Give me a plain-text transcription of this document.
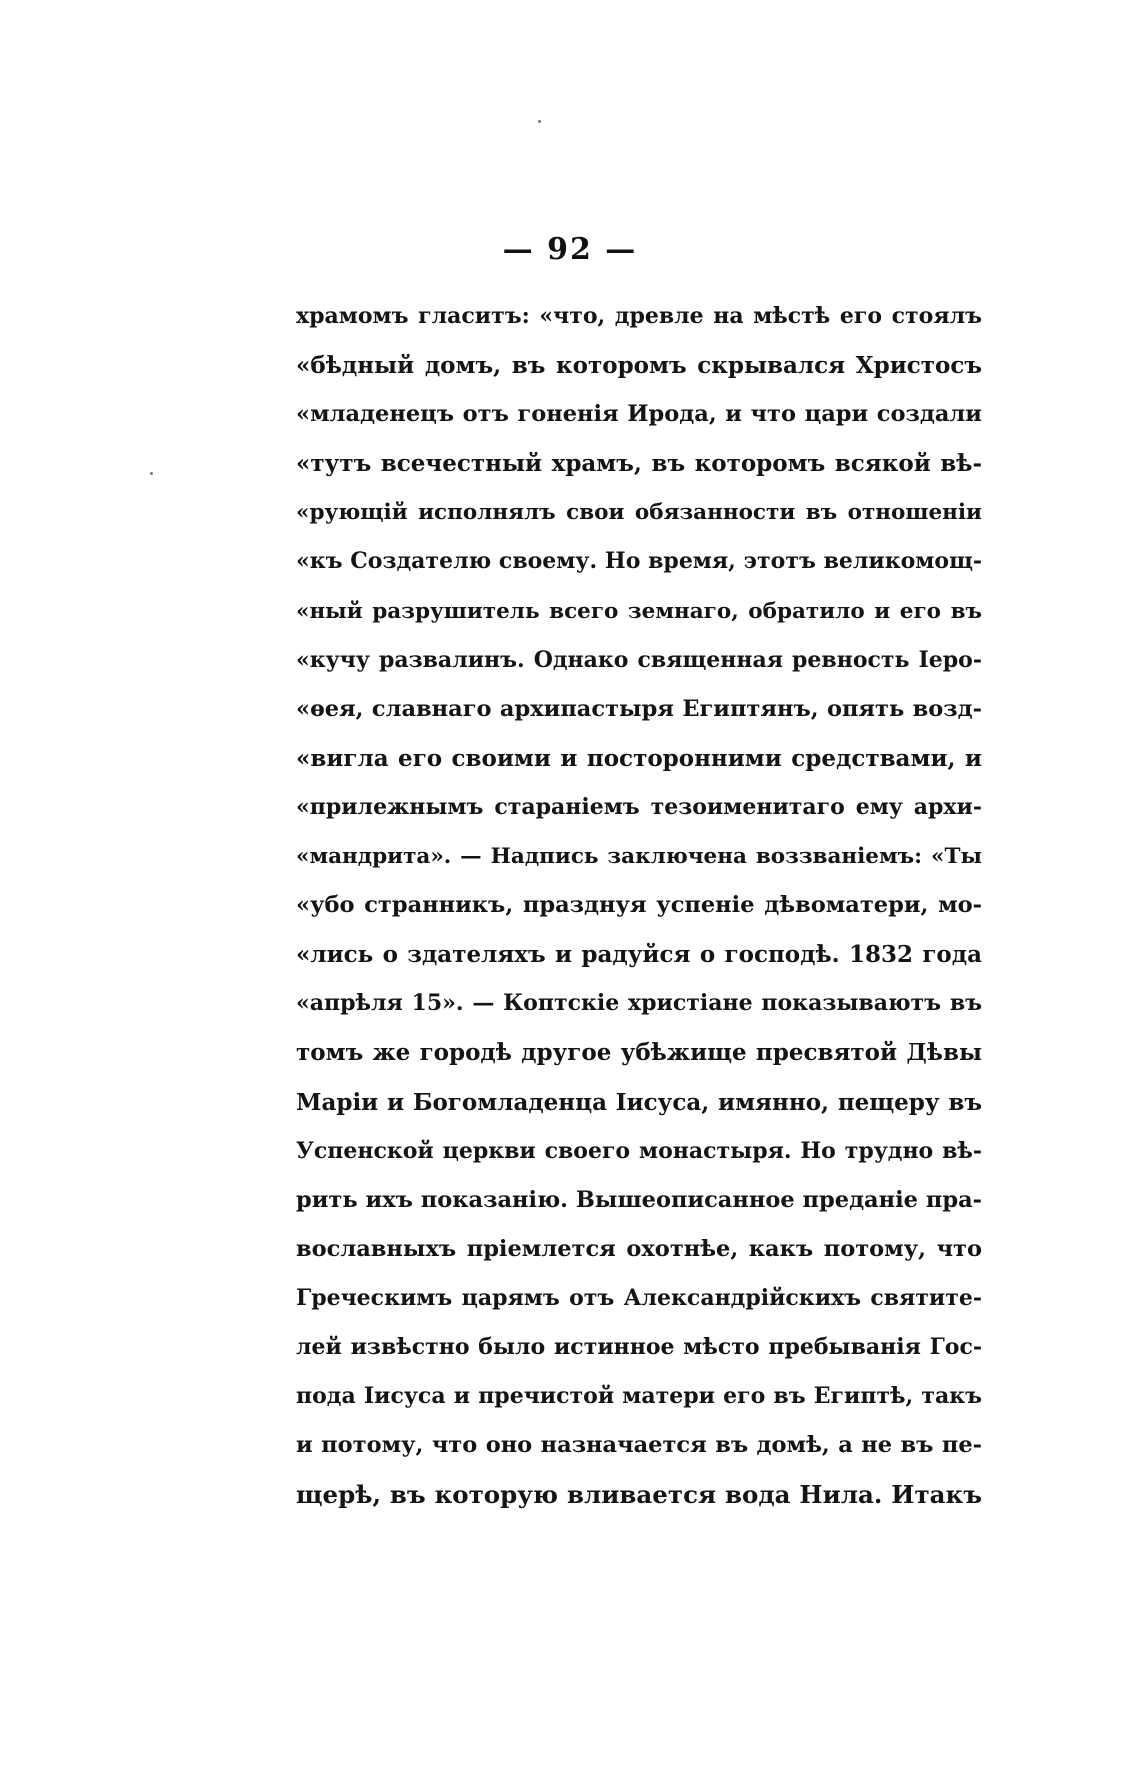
— 92 —
храмомъ гласитъ: «что, древле на мѣстѣ его стоялъ
«бѣдный домъ, въ которомъ скрывался Христосъ
«младенецъ отъ гоненія Ирода, и что цари создали
«тутъ всечестный храмъ, въ которомъ всякой вѣ-
«рующій исполнялъ свои обязанности въ отношеніи
«къ Создателю своему. Но время, этотъ великомощ-
«ный разрушитель всего земнаго, обратило и его въ
«кучу развалинъ. Однако священная ревность Іеро-
«ѳея, славнаго архипастыря Египтянъ, опять возд-
«вигла его своими и посторонними средствами, и
«прилежнымъ стараніемъ тезоименитаго ему архи-
«мандрита». — Надпись заключена воззваніемъ: «Ты
«убо странникъ, празднуя успеніе дѣвоматери, мо-
«лись о здателяхъ и радуйся о господѣ. 1832 года
«апрѣля 15». — Коптскіе христіане показываютъ въ
томъ же городѣ другое убѣжище пресвятой Дѣвы
Маріи и Богомладенца Іисуса, имянно, пещеру въ
Успенской церкви своего монастыря. Но трудно вѣ-
рить ихъ показанію. Вышеописанное преданіе пра-
вославныхъ пріемлется охотнѣе, какъ потому, что
Греческимъ царямъ отъ Александрійскихъ святите-
лей извѣстно было истинное мѣсто пребыванія Гос-
пода Іисуса и пречистой матери его въ Египтѣ, такъ
и потому, что оно назначается въ домѣ, а не въ пе-
щерѣ, въ которую вливается вода Нила. Итакъ
